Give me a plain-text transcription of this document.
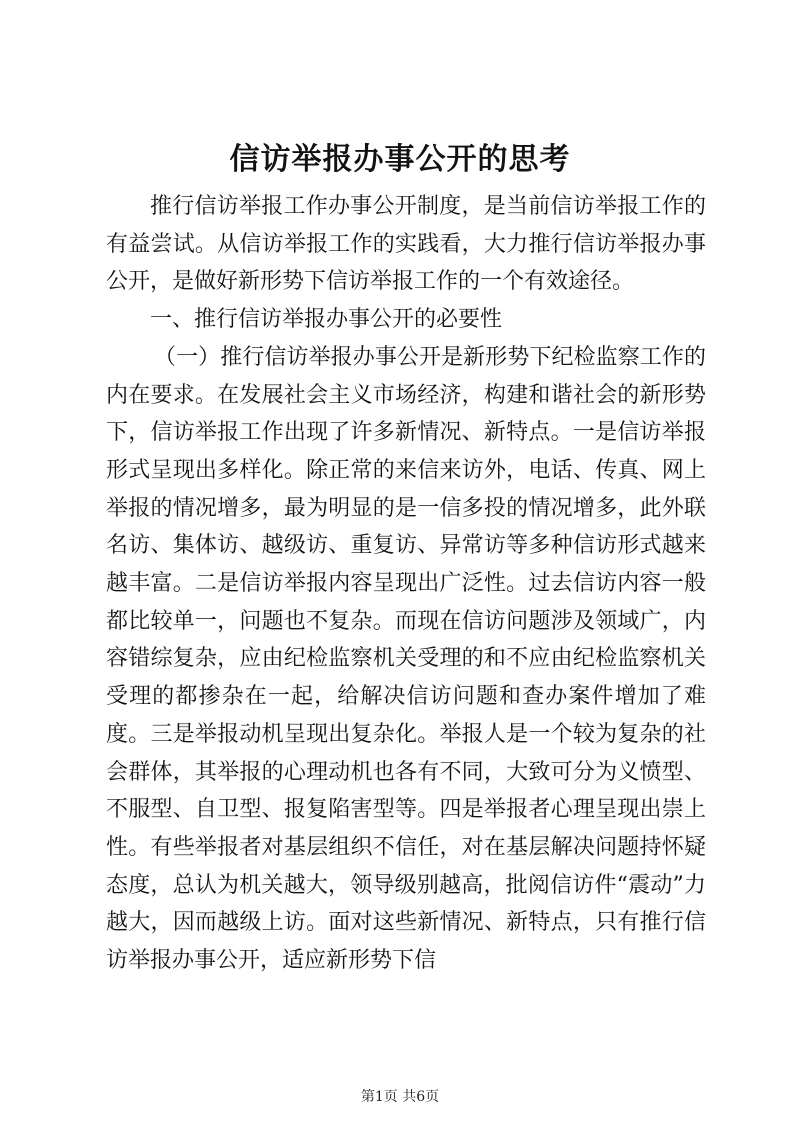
信访举报办事公开的思考

推行信访举报工作办事公开制度，是当前信访举报工作的有益尝试。从信访举报工作的实践看，大力推行信访举报办事公开，是做好新形势下信访举报工作的一个有效途径。

一、推行信访举报办事公开的必要性

（一）推行信访举报办事公开是新形势下纪检监察工作的内在要求。在发展社会主义市场经济，构建和谐社会的新形势下，信访举报工作出现了许多新情况、新特点。一是信访举报形式呈现出多样化。除正常的来信来访外，电话、传真、网上举报的情况增多，最为明显的是一信多投的情况增多，此外联名访、集体访、越级访、重复访、异常访等多种信访形式越来越丰富。二是信访举报内容呈现出广泛性。过去信访内容一般都比较单一，问题也不复杂。而现在信访问题涉及领域广，内容错综复杂，应由纪检监察机关受理的和不应由纪检监察机关受理的都掺杂在一起，给解决信访问题和查办案件增加了难度。三是举报动机呈现出复杂化。举报人是一个较为复杂的社会群体，其举报的心理动机也各有不同，大致可分为义愤型、不服型、自卫型、报复陷害型等。四是举报者心理呈现出崇上性。有些举报者对基层组织不信任，对在基层解决问题持怀疑态度，总认为机关越大，领导级别越高，批阅信访件“震动”力越大，因而越级上访。面对这些新情况、新特点，只有推行信访举报办事公开，适应新形势下信

第1页 共6页
